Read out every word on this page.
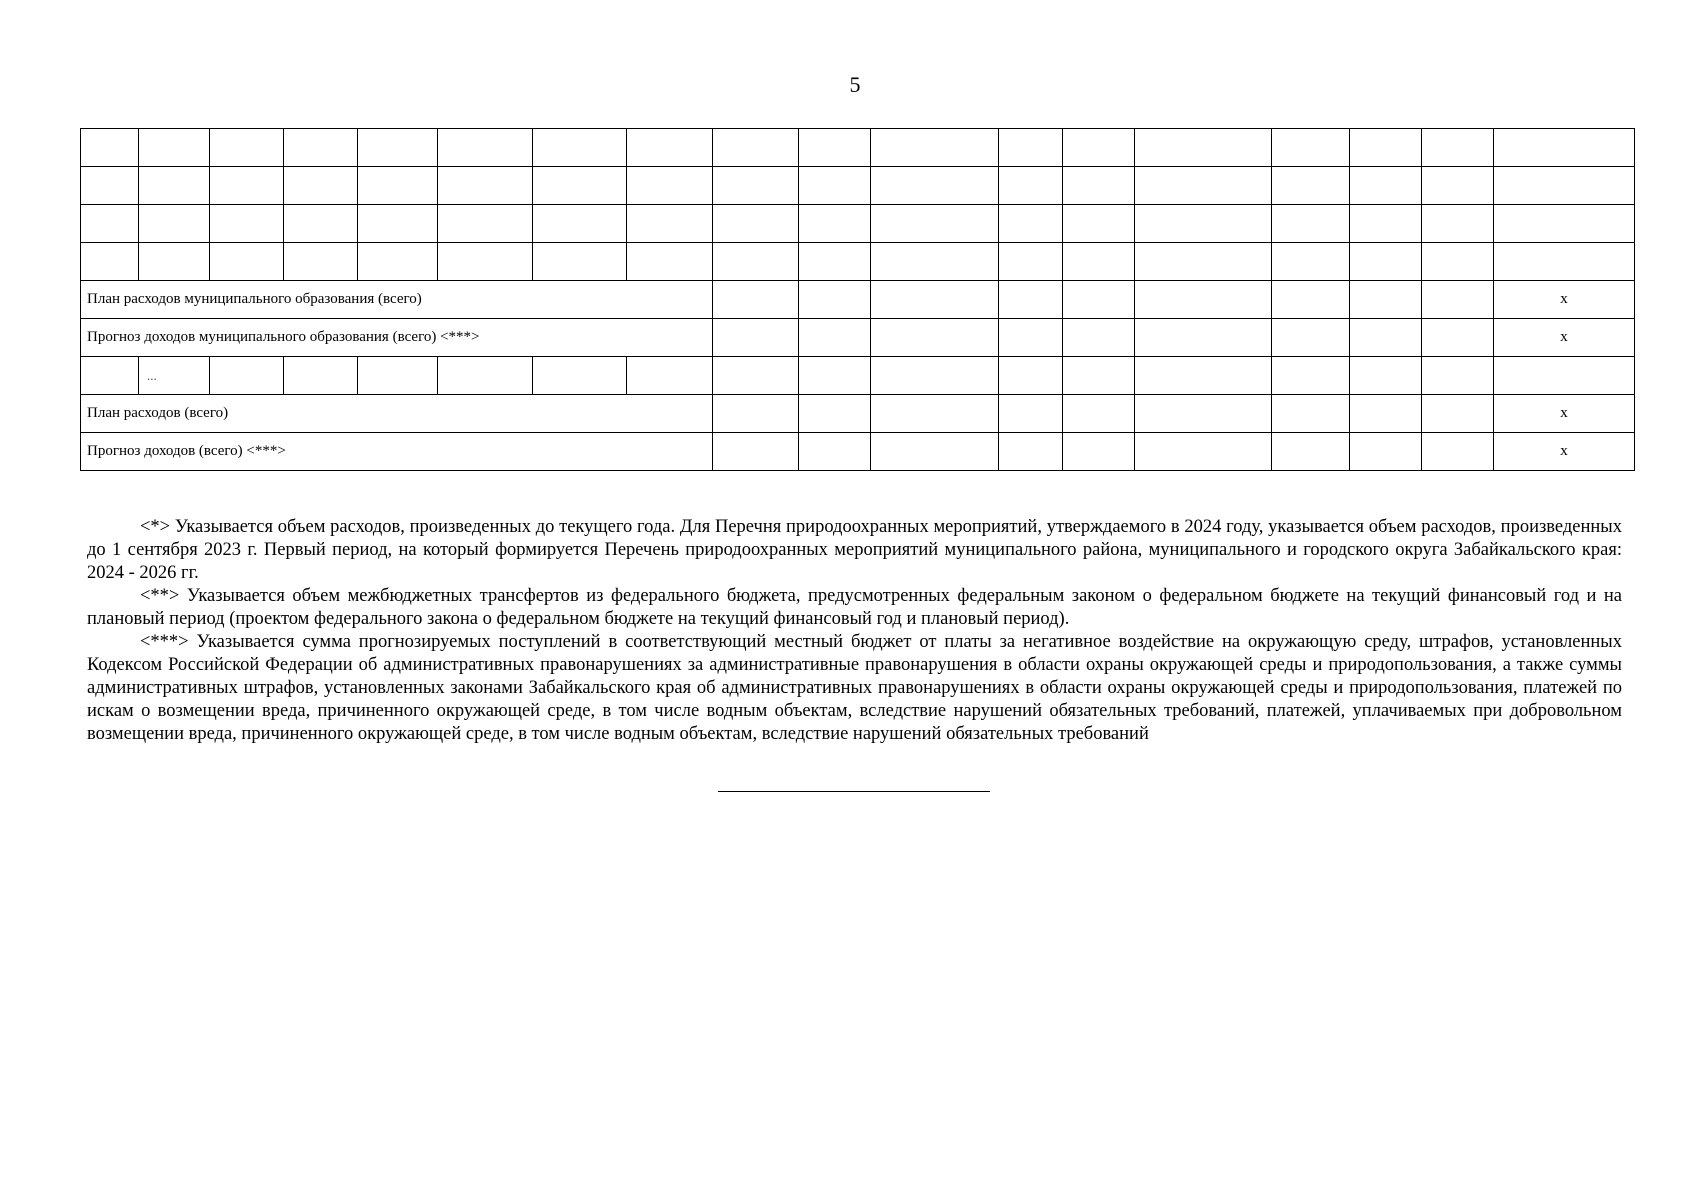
5

План расходов муниципального образования (всего)																	x
Прогноз доходов муниципального образования (всего) <***>																	x
	...																
План расходов (всего)																	x
Прогноз доходов (всего) <***>																	x

<*> Указывается объем расходов, произведенных до текущего года. Для Перечня природоохранных мероприятий, утверждаемого в 2024 году, указывается объем расходов, произведенных до 1 сентября 2023 г. Первый период, на который формируется Перечень природоохранных мероприятий муниципального района, муниципального и городского округа Забайкальского края: 2024 - 2026 гг.

<**> Указывается объем межбюджетных трансфертов из федерального бюджета, предусмотренных федеральным законом о федеральном бюджете на текущий финансовый год и на плановый период (проектом федерального закона о федеральном бюджете на текущий финансовый год и плановый период).

<***> Указывается сумма прогнозируемых поступлений в соответствующий местный бюджет от платы за негативное воздействие на окружающую среду, штрафов, установленных Кодексом Российской Федерации об административных правонарушениях за административные правонарушения в области охраны окружающей среды и природопользования, а также суммы административных штрафов, установленных законами Забайкальского края об административных правонарушениях в области охраны окружающей среды и природопользования, платежей по искам о возмещении вреда, причиненного окружающей среде, в том числе водным объектам, вследствие нарушений обязательных требований, платежей, уплачиваемых при добровольном возмещении вреда, причиненного окружающей среде, в том числе водным объектам, вследствие нарушений обязательных требований
